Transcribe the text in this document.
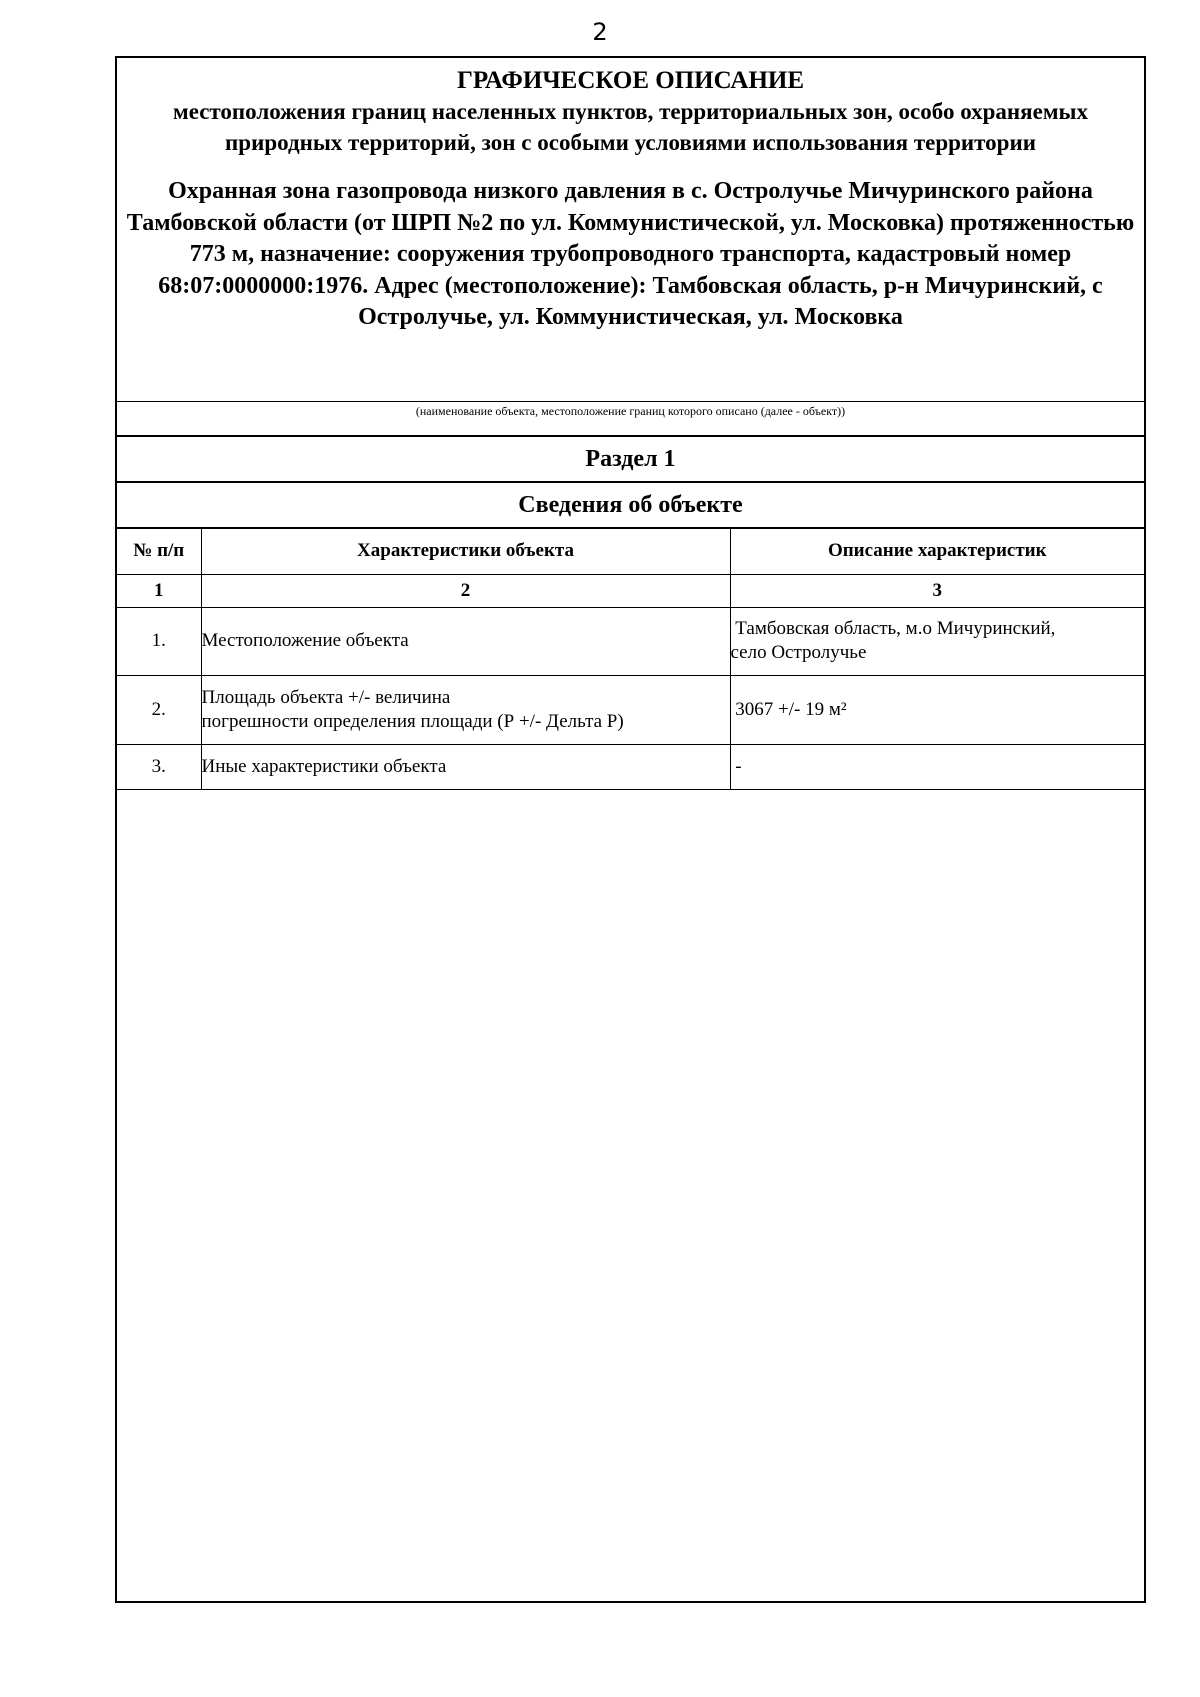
2
ГРАФИЧЕСКОЕ ОПИСАНИЕ
местоположения границ населенных пунктов, территориальных зон, особо охраняемых природных территорий, зон с особыми условиями использования территории
Охранная зона газопровода низкого давления в с. Остролучье Мичуринского района Тамбовской области (от ШРП №2 по ул. Коммунистической, ул. Московка) протяженностью 773 м, назначение: сооружения трубопроводного транспорта, кадастровый номер 68:07:0000000:1976. Адрес (местоположение): Тамбовская область, р-н Мичуринский, с Остролучье, ул. Коммунистическая, ул. Московка
(наименование объекта, местоположение границ которого описано (далее - объект))
Раздел 1
Сведения об объекте
№ п/п	Характеристики объекта	Описание характеристик
1	2	3
1.	Местоположение объекта	Тамбовская область, м.о Мичуринский,
село Остролучье
2.	Площадь объекта +/- величина
погрешности определения площади (Р +/- Дельта Р)	3067 +/- 19 м²
3.	Иные характеристики объекта	-
